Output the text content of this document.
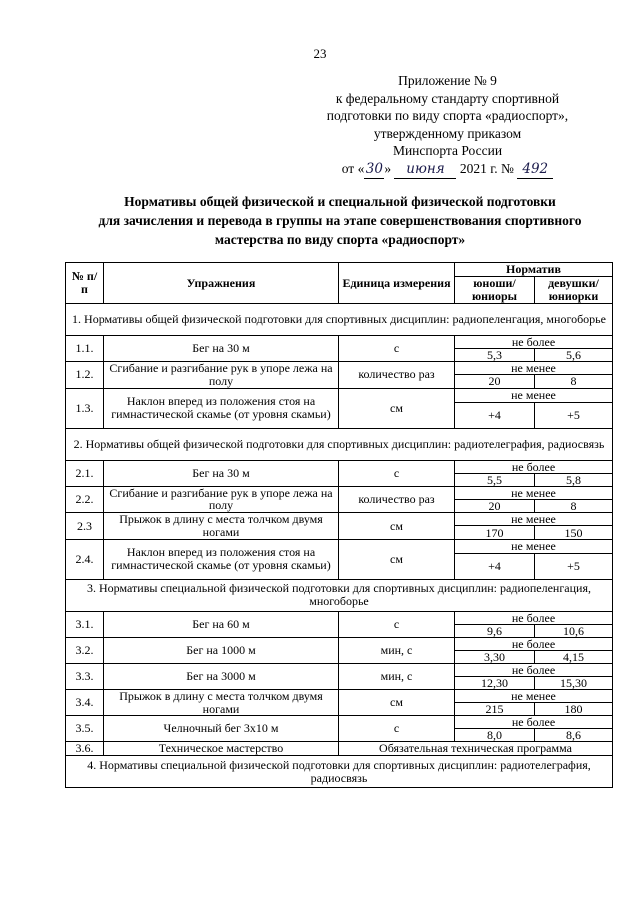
23
Приложение № 9
к федеральному стандарту спортивной
подготовки по виду спорта «радиоспорт»,
утвержденному приказом
Минспорта России
от «30» июня 2021 г. № 492
Нормативы общей физической и специальной физической подготовки
для зачисления и перевода в группы на этапе совершенствования спортивного
мастерства по виду спорта «радиоспорт»
№ п/п	Упражнения	Единица измерения	Норматив	
			юноши/ юниоры	девушки/ юниорки
1. Нормативы общей физической подготовки для спортивных дисциплин: радиопеленгация, многоборье				
1.1.	Бег на 30 м	с	не более	
			5,3	5,6
1.2.	Сгибание и разгибание рук в упоре лежа на полу	количество раз	не менее	
			20	8
1.3.	Наклон вперед из положения стоя на гимнастической скамье (от уровня скамьи)	см	не менее	
			+4	+5
2. Нормативы общей физической подготовки для спортивных дисциплин: радиотелеграфия, радиосвязь				
2.1.	Бег на 30 м	с	не более	
			5,5	5,8
2.2.	Сгибание и разгибание рук в упоре лежа на полу	количество раз	не менее	
			20	8
2.3	Прыжок в длину с места толчком двумя ногами	см	не менее	
			170	150
2.4.	Наклон вперед из положения стоя на гимнастической скамье (от уровня скамьи)	см	не менее	
			+4	+5
3. Нормативы специальной физической подготовки для спортивных дисциплин: радиопеленгация, многоборье				
3.1.	Бег на 60 м	с	не более	
			9,6	10,6
3.2.	Бег на 1000 м	мин, с	не более	
			3,30	4,15
3.3.	Бег на 3000 м	мин, с	не более	
			12,30	15,30
3.4.	Прыжок в длину с места толчком двумя ногами	см	не менее	
			215	180
3.5.	Челночный бег 3x10 м	с	не более	
			8,0	8,6
3.6.	Техническое мастерство	Обязательная техническая программа		
4. Нормативы специальной физической подготовки для спортивных дисциплин: радиотелеграфия, радиосвязь				
